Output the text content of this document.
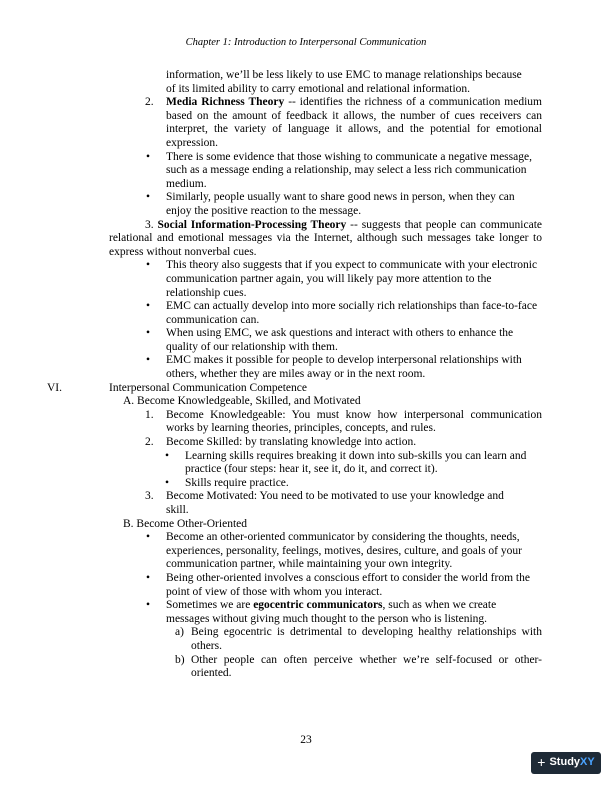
Chapter 1: Introduction to Interpersonal Communication
information, we’ll be less likely to use EMC to manage relationships because
of its limited ability to carry emotional and relational information.
2. Media Richness Theory -- identifies the richness of a communication medium based on the amount of feedback it allows, the number of cues receivers can interpret, the variety of language it allows, and the potential for emotional expression.
• There is some evidence that those wishing to communicate a negative message, such as a message ending a relationship, may select a less rich communication medium.
• Similarly, people usually want to share good news in person, when they can enjoy the positive reaction to the message.
3. Social Information-Processing Theory -- suggests that people can communicate relational and emotional messages via the Internet, although such messages take longer to express without nonverbal cues.
• This theory also suggests that if you expect to communicate with your electronic communication partner again, you will likely pay more attention to the relationship cues.
• EMC can actually develop into more socially rich relationships than face-to-face communication can.
• When using EMC, we ask questions and interact with others to enhance the quality of our relationship with them.
• EMC makes it possible for people to develop interpersonal relationships with others, whether they are miles away or in the next room.
VI.	Interpersonal Communication Competence
A. Become Knowledgeable, Skilled, and Motivated
1. Become Knowledgeable: You must know how interpersonal communication works by learning theories, principles, concepts, and rules.
2. Become Skilled: by translating knowledge into action.
• Learning skills requires breaking it down into sub-skills you can learn and practice (four steps: hear it, see it, do it, and correct it).
• Skills require practice.
3. Become Motivated: You need to be motivated to use your knowledge and skill.
B. Become Other-Oriented
• Become an other-oriented communicator by considering the thoughts, needs, experiences, personality, feelings, motives, desires, culture, and goals of your communication partner, while maintaining your own integrity.
• Being other-oriented involves a conscious effort to consider the world from the point of view of those with whom you interact.
• Sometimes we are egocentric communicators, such as when we create messages without giving much thought to the person who is listening.
a) Being egocentric is detrimental to developing healthy relationships with others.
b) Other people can often perceive whether we’re self-focused or other-oriented.
23
+ Study XY
